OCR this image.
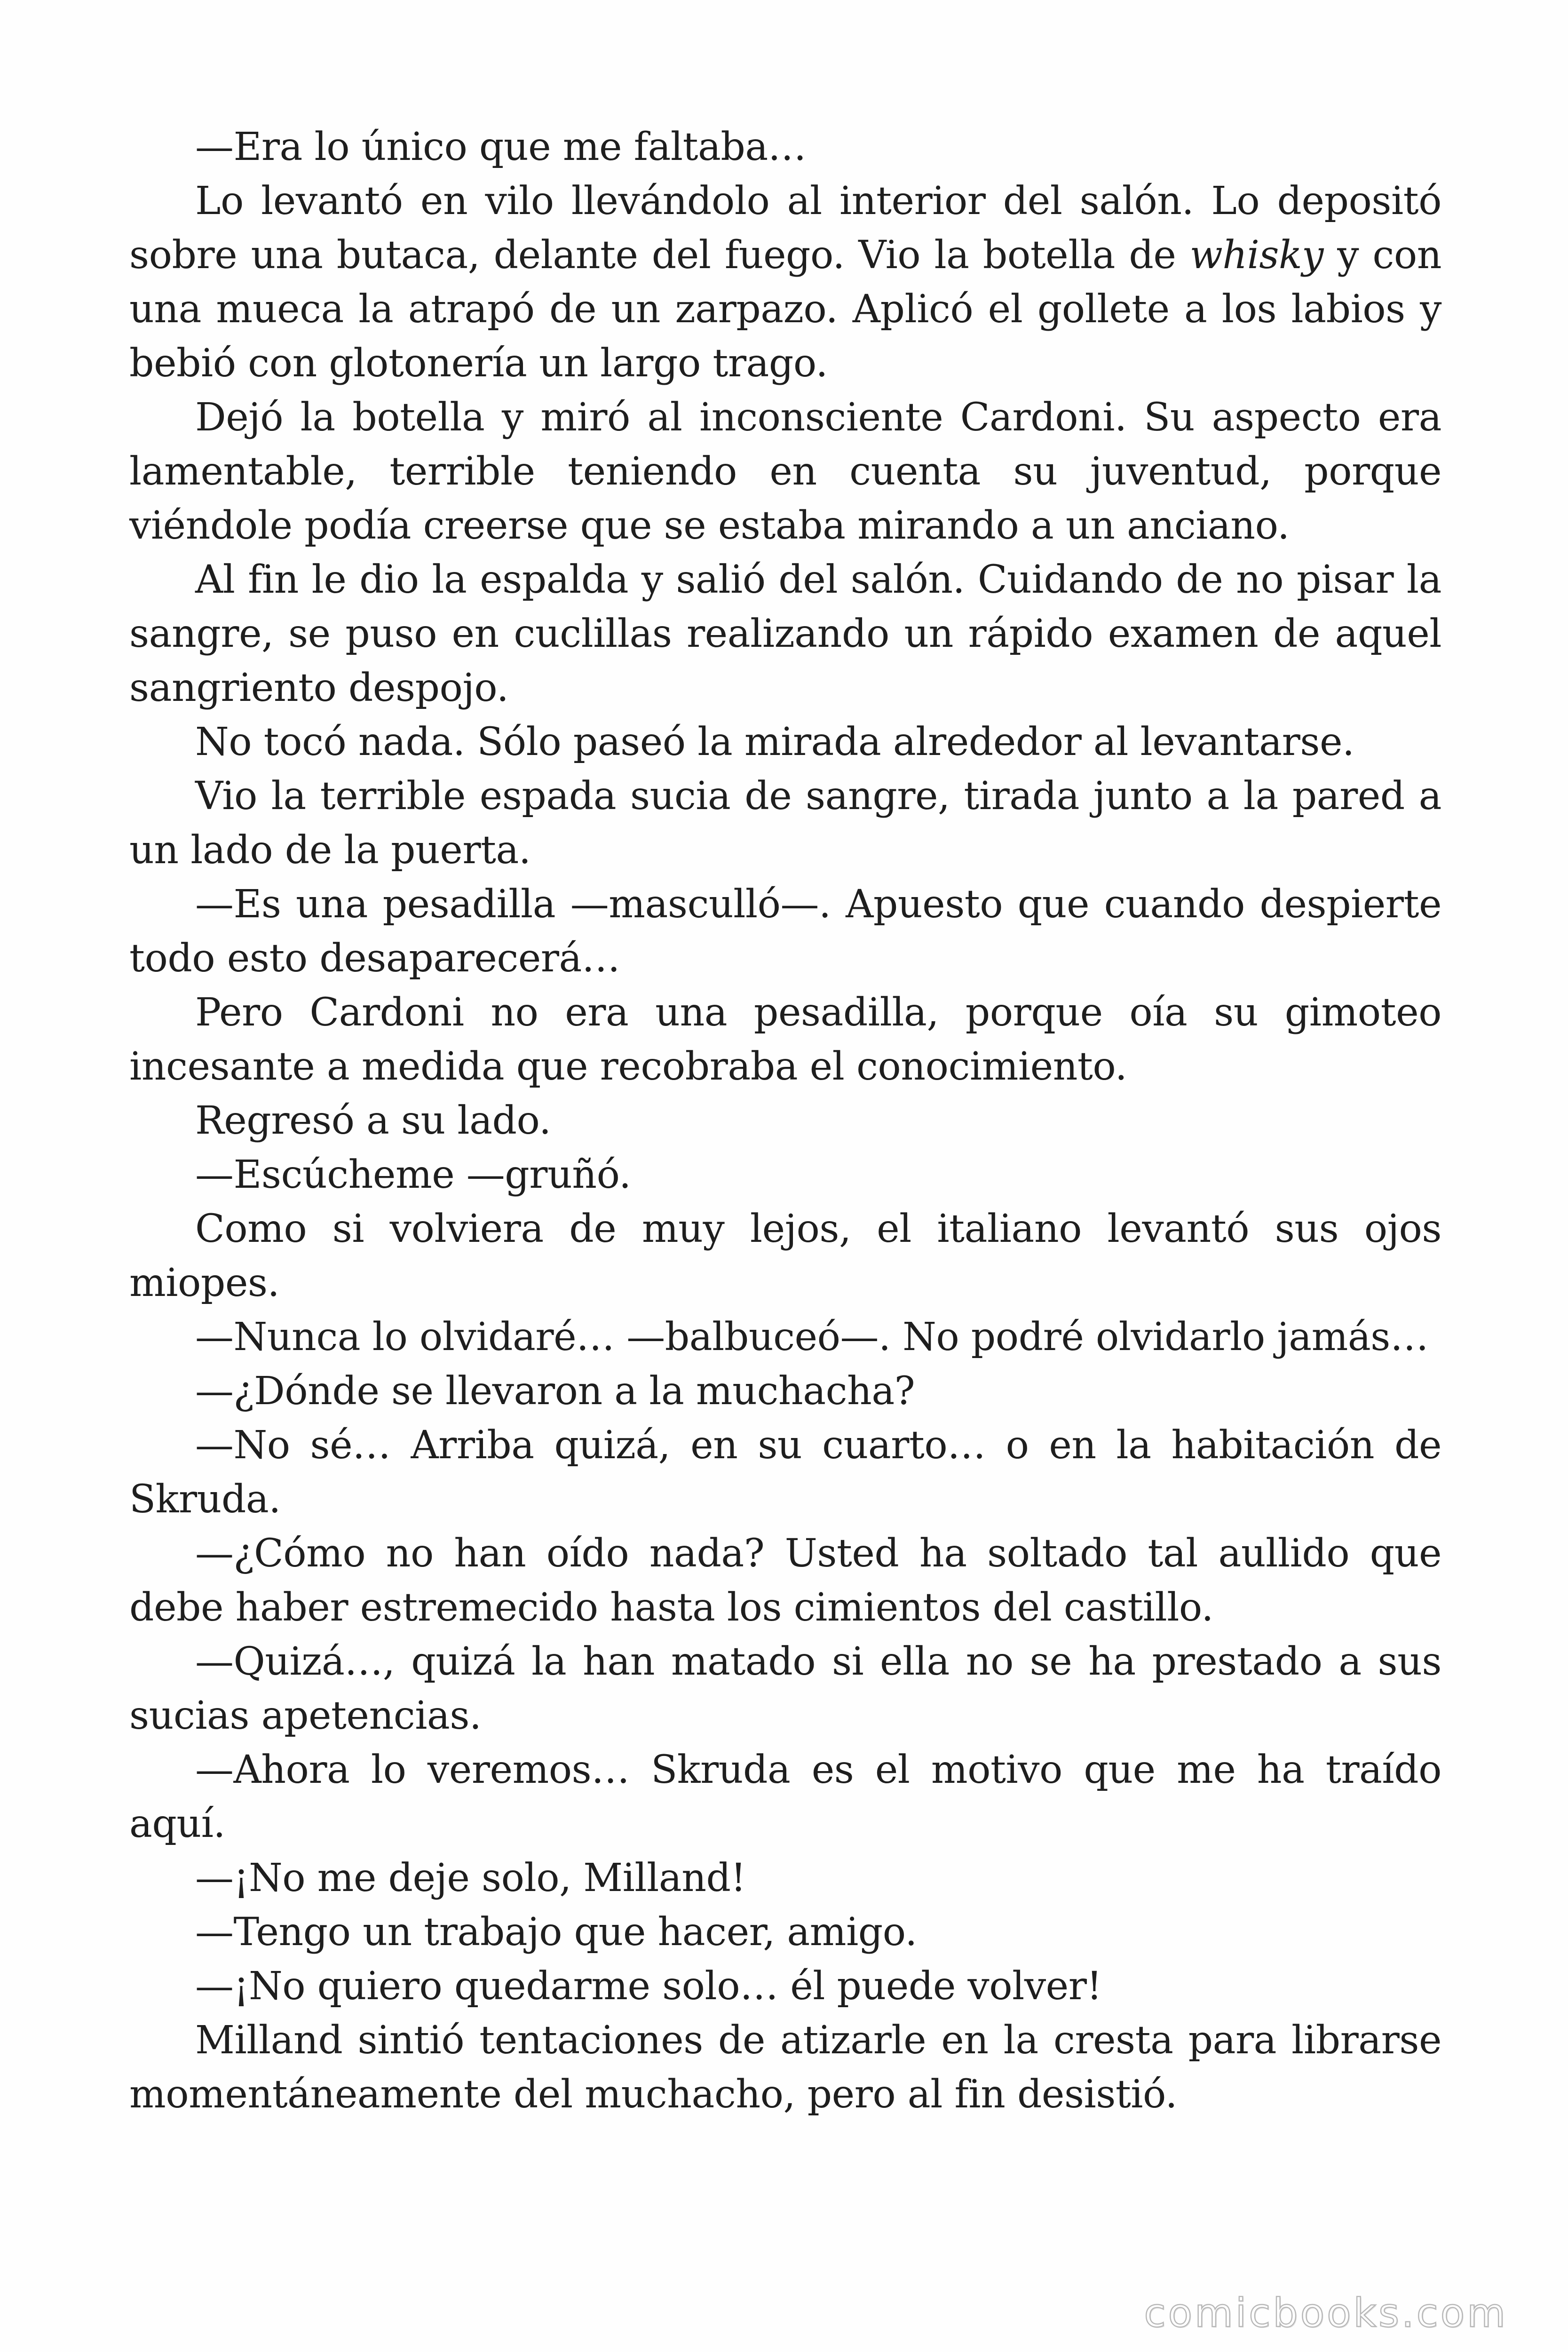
—Era lo único que me faltaba…

Lo levantó en vilo llevándolo al interior del salón. Lo depositó sobre una butaca, delante del fuego. Vio la botella de whisky y con una mueca la atrapó de un zarpazo. Aplicó el gollete a los labios y bebió con glotonería un largo trago.

Dejó la botella y miró al inconsciente Cardoni. Su aspecto era lamentable, terrible teniendo en cuenta su juventud, porque viéndole podía creerse que se estaba mirando a un anciano.

Al fin le dio la espalda y salió del salón. Cuidando de no pisar la sangre, se puso en cuclillas realizando un rápido examen de aquel sangriento despojo.

No tocó nada. Sólo paseó la mirada alrededor al levantarse.

Vio la terrible espada sucia de sangre, tirada junto a la pared a un lado de la puerta.

—Es una pesadilla —masculló—. Apuesto que cuando despierte todo esto desaparecerá…

Pero Cardoni no era una pesadilla, porque oía su gimoteo incesante a medida que recobraba el conocimiento.

Regresó a su lado.

—Escúcheme —gruñó.

Como si volviera de muy lejos, el italiano levantó sus ojos miopes.

—Nunca lo olvidaré… —balbuceó—. No podré olvidarlo jamás…

—¿Dónde se llevaron a la muchacha?

—No sé… Arriba quizá, en su cuarto… o en la habitación de Skruda.

—¿Cómo no han oído nada? Usted ha soltado tal aullido que debe haber estremecido hasta los cimientos del castillo.

—Quizá…, quizá la han matado si ella no se ha prestado a sus sucias apetencias.

—Ahora lo veremos… Skruda es el motivo que me ha traído aquí.

—¡No me deje solo, Milland!

—Tengo un trabajo que hacer, amigo.

—¡No quiero quedarme solo… él puede volver!

Milland sintió tentaciones de atizarle en la cresta para librarse momentáneamente del muchacho, pero al fin desistió.

comicbooks.com
